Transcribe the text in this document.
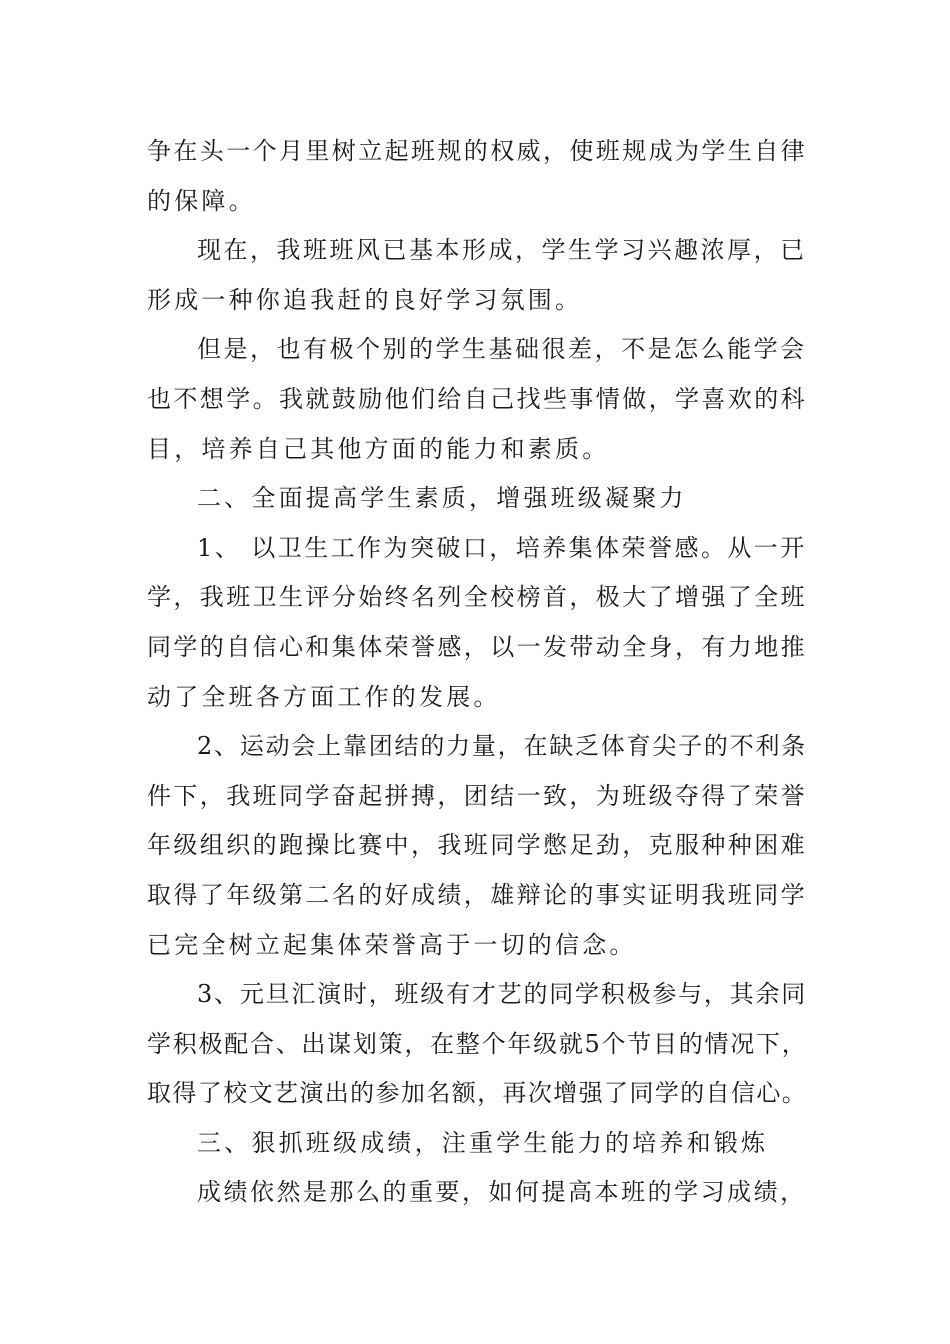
争在头一个月里树立起班规的权威，使班规成为学生自律
的保障。
现在，我班班风已基本形成，学生学习兴趣浓厚，已
形成一种你追我赶的良好学习氛围。
但是，也有极个别的学生基础很差，不是怎么能学会
也不想学。我就鼓励他们给自己找些事情做，学喜欢的科
目，培养自己其他方面的能力和素质。
二、全面提高学生素质，增强班级凝聚力
1、 以卫生工作为突破口，培养集体荣誉感。从一开
学，我班卫生评分始终名列全校榜首，极大了增强了全班
同学的自信心和集体荣誉感，以一发带动全身，有力地推
动了全班各方面工作的发展。
2、运动会上靠团结的力量，在缺乏体育尖子的不利条
件下，我班同学奋起拼搏，团结一致，为班级夺得了荣誉
年级组织的跑操比赛中，我班同学憋足劲，克服种种困难
取得了年级第二名的好成绩，雄辩论的事实证明我班同学
已完全树立起集体荣誉高于一切的信念。
3、元旦汇演时，班级有才艺的同学积极参与，其余同
学积极配合、出谋划策，在整个年级就5个节目的情况下，
取得了校文艺演出的参加名额，再次增强了同学的自信心。
三、狠抓班级成绩，注重学生能力的培养和锻炼
成绩依然是那么的重要，如何提高本班的学习成绩，
